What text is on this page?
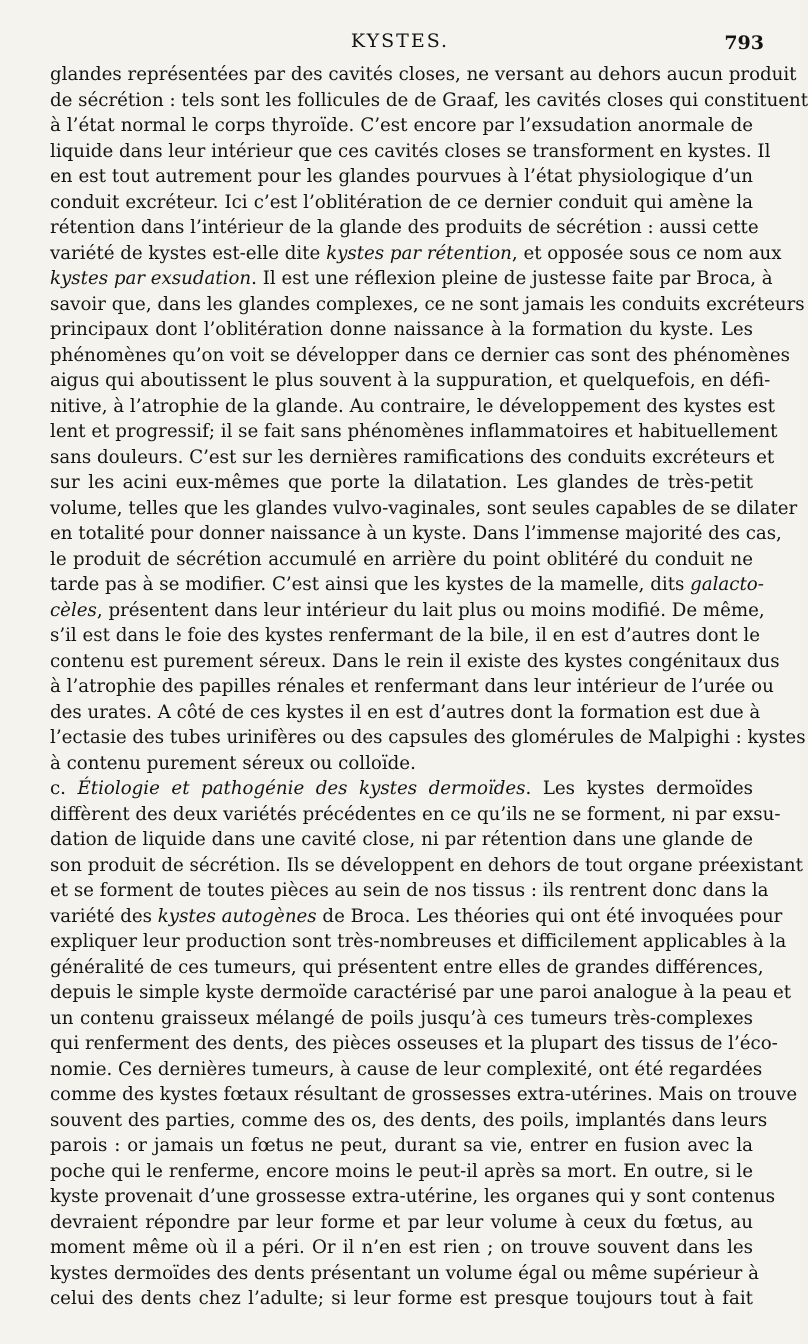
KYSTES.	793
glandes représentées par des cavités closes, ne versant au dehors aucun produit
de sécrétion : tels sont les follicules de de Graaf, les cavités closes qui constituent
à l’état normal le corps thyroïde. C’est encore par l’exsudation anormale de
liquide dans leur intérieur que ces cavités closes se transforment en kystes. Il
en est tout autrement pour les glandes pourvues à l’état physiologique d’un
conduit excréteur. Ici c’est l’oblitération de ce dernier conduit qui amène la
rétention dans l’intérieur de la glande des produits de sécrétion : aussi cette
variété de kystes est-elle dite kystes par rétention, et opposée sous ce nom aux
kystes par exsudation. Il est une réflexion pleine de justesse faite par Broca, à
savoir que, dans les glandes complexes, ce ne sont jamais les conduits excréteurs
principaux dont l’oblitération donne naissance à la formation du kyste. Les
phénomènes qu’on voit se développer dans ce dernier cas sont des phénomènes
aigus qui aboutissent le plus souvent à la suppuration, et quelquefois, en défi-
nitive, à l’atrophie de la glande. Au contraire, le développement des kystes est
lent et progressif; il se fait sans phénomènes inflammatoires et habituellement
sans douleurs. C’est sur les dernières ramifications des conduits excréteurs et
sur les acini eux-mêmes que porte la dilatation. Les glandes de très-petit
volume, telles que les glandes vulvo-vaginales, sont seules capables de se dilater
en totalité pour donner naissance à un kyste. Dans l’immense majorité des cas,
le produit de sécrétion accumulé en arrière du point oblitéré du conduit ne
tarde pas à se modifier. C’est ainsi que les kystes de la mamelle, dits galacto-
cèles, présentent dans leur intérieur du lait plus ou moins modifié. De même,
s’il est dans le foie des kystes renfermant de la bile, il en est d’autres dont le
contenu est purement séreux. Dans le rein il existe des kystes congénitaux dus
à l’atrophie des papilles rénales et renfermant dans leur intérieur de l’urée ou
des urates. A côté de ces kystes il en est d’autres dont la formation est due à
l’ectasie des tubes urinifères ou des capsules des glomérules de Malpighi : kystes
à contenu purement séreux ou colloïde.
c. Étiologie et pathogénie des kystes dermoïdes. Les kystes dermoïdes
diffèrent des deux variétés précédentes en ce qu’ils ne se forment, ni par exsu-
dation de liquide dans une cavité close, ni par rétention dans une glande de
son produit de sécrétion. Ils se développent en dehors de tout organe préexistant
et se forment de toutes pièces au sein de nos tissus : ils rentrent donc dans la
variété des kystes autogènes de Broca. Les théories qui ont été invoquées pour
expliquer leur production sont très-nombreuses et difficilement applicables à la
généralité de ces tumeurs, qui présentent entre elles de grandes différences,
depuis le simple kyste dermoïde caractérisé par une paroi analogue à la peau et
un contenu graisseux mélangé de poils jusqu’à ces tumeurs très-complexes
qui renferment des dents, des pièces osseuses et la plupart des tissus de l’éco-
nomie. Ces dernières tumeurs, à cause de leur complexité, ont été regardées
comme des kystes fœtaux résultant de grossesses extra-utérines. Mais on trouve
souvent des parties, comme des os, des dents, des poils, implantés dans leurs
parois : or jamais un fœtus ne peut, durant sa vie, entrer en fusion avec la
poche qui le renferme, encore moins le peut-il après sa mort. En outre, si le
kyste provenait d’une grossesse extra-utérine, les organes qui y sont contenus
devraient répondre par leur forme et par leur volume à ceux du fœtus, au
moment même où il a péri. Or il n’en est rien ; on trouve souvent dans les
kystes dermoïdes des dents présentant un volume égal ou même supérieur à
celui des dents chez l’adulte; si leur forme est presque toujours tout à fait
